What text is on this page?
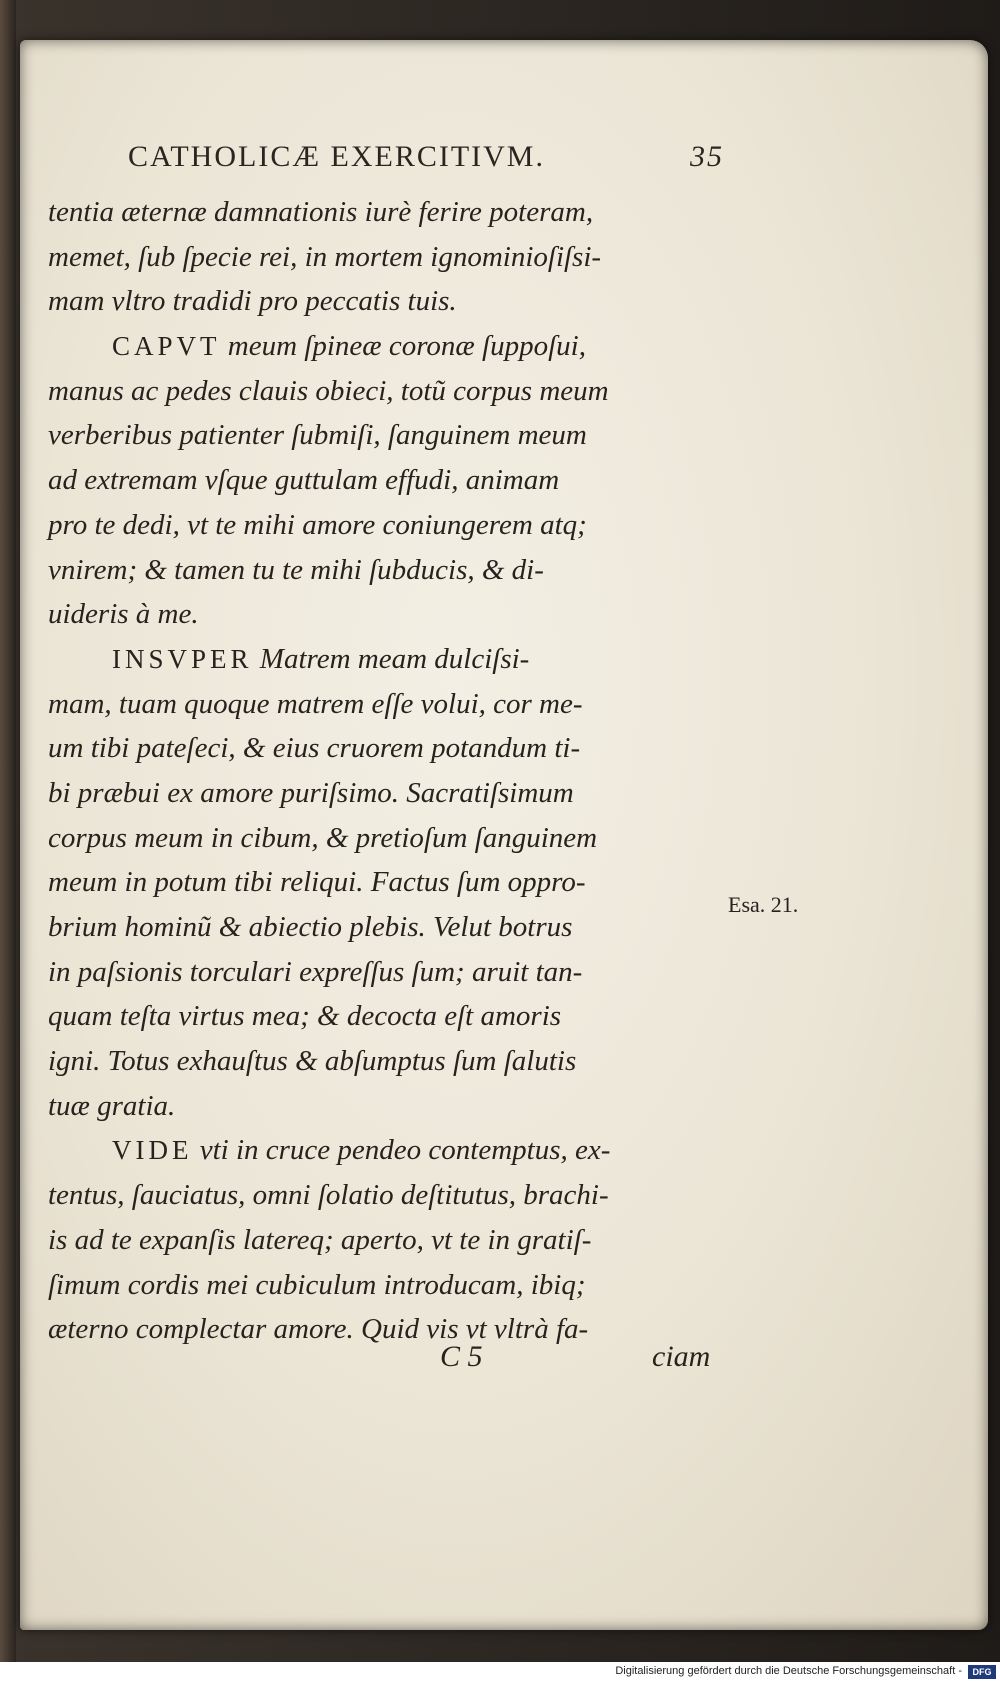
CATHOLICÆ EXERCITIVM.	35
tentia æternæ damnationis iurè ferire poteram,
memet, ſub ſpecie rei, in mortem ignominioſiſsi-
mam vltro tradidi pro peccatis tuis.
CAPVT meum ſpineæ coronæ ſuppoſui,
manus ac pedes clauis obieci, totũ corpus meum
verberibus patienter ſubmiſi, ſanguinem meum
ad extremam vſque guttulam effudi, animam
pro te dedi, vt te mihi amore coniungerem atq;
vnirem; & tamen tu te mihi ſubducis, & di-
uideris à me.
INSVPER Matrem meam dulciſsi-
mam, tuam quoque matrem eſſe volui, cor me-
um tibi pateſeci, & eius cruorem potandum ti-
bi præbui ex amore puriſsimo. Sacratiſsimum
corpus meum in cibum, & pretioſum ſanguinem
meum in potum tibi reliqui. Factus ſum oppro-
brium hominũ & abiectio plebis. Velut botrus
in paſsionis torculari expreſſus ſum; aruit tan-
quam teſta virtus mea; & decocta eſt amoris
igni. Totus exhauſtus & abſumptus ſum ſalutis
tuæ gratia.
VIDE vti in cruce pendeo contemptus, ex-
tentus, ſauciatus, omni ſolatio deſtitutus, brachi-
is ad te expanſis latereq; aperto, vt te in gratiſ-
ſimum cordis mei cubiculum introducam, ibiq;
æterno complectar amore. Quid vis vt vltrà fa-
Esa. 21.
C 5	ciam
Digitalisierung gefördert durch die Deutsche Forschungsgemeinschaft -	DFG
